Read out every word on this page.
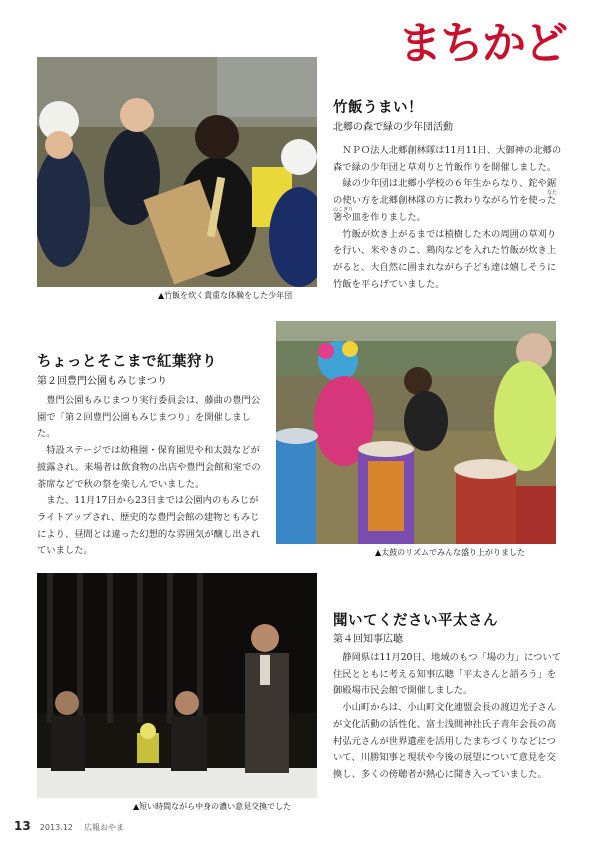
まちかど
▲竹飯を炊く貴重な体験をした少年団
竹飯うまい！
北郷の森で緑の少年団活動

ＮＰＯ法人北郷創林隊は11月11日、大御神の北郷の森で緑の少年団と草刈りと竹飯作りを開催しました。

緑の少年団は北郷小学校の６年生からなり、鉈や鋸の使い方を北郷創林隊の方に教わりながら竹を使った箸や皿を作りました。

竹飯が炊き上がるまでは植樹した木の周囲の草刈りを行い、米やきのこ、鶏肉などを入れた竹飯が炊き上がると、大自然に囲まれながら子ども達は嬉しそうに竹飯を平らげていました。

なた
のこぎり
ちょっとそこまで紅葉狩り
第２回豊門公園もみじまつり

豊門公園もみじまつり実行委員会は、藤曲の豊門公園で「第２回豊門公園もみじまつり」を開催しました。

特設ステージでは幼稚園・保育園児や和太鼓などが披露され、来場者は飲食物の出店や豊門会館和室での茶席などで秋の祭を楽しんでいました。

また、11月17日から23日までは公園内のもみじがライトアップされ、歴史的な豊門会館の建物ともみじにより、昼間とは違った幻想的な雰囲気が醸し出されていました。	▲太鼓のリズムでみんな盛り上がりました
▲短い時間ながら中身の濃い意見交換でした
聞いてください平太さん
第４回知事広聴

静岡県は11月20日、地域のもつ「場の力」について住民とともに考える知事広聴「平太さんと語ろう」を御殿場市民会館で開催しました。

小山町からは、小山町文化連盟会長の渡辺光子さんが文化活動の活性化、富士浅間神社氏子青年会長の高村弘元さんが世界遺産を活用したまちづくりなどについて、川勝知事と現状や今後の展望について意見を交換し、多くの傍聴者が熱心に聞き入っていました。

13 2013.12 広報おやま
